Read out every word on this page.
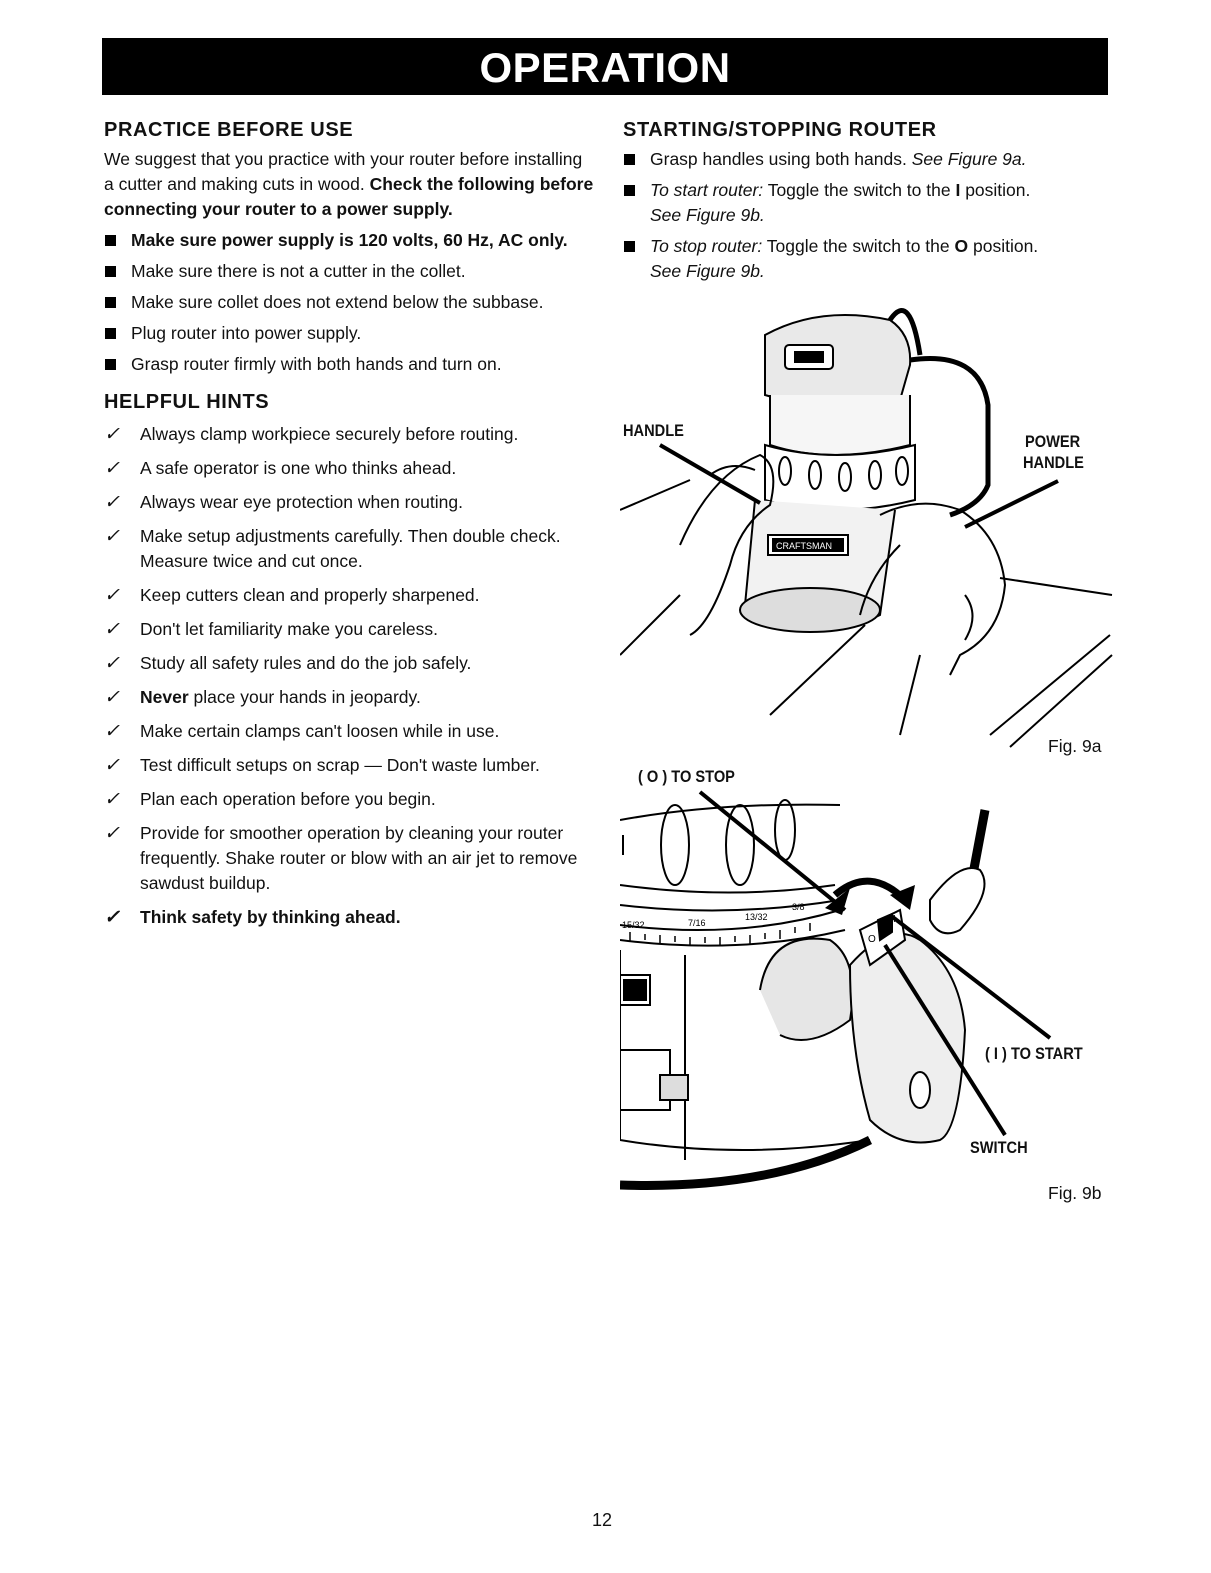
OPERATION
PRACTICE BEFORE USE

We suggest that you practice with your router before installing a cutter and making cuts in wood. Check the following before connecting your router to a power supply.

Make sure power supply is 120 volts, 60 Hz, AC only.
Make sure there is not a cutter in the collet.
Make sure collet does not extend below the subbase.
Plug router into power supply.
Grasp router firmly with both hands and turn on.
HELPFUL HINTS
✓ Always clamp workpiece securely before routing.
✓ A safe operator is one who thinks ahead.
✓ Always wear eye protection when routing.
✓ Make setup adjustments carefully. Then double check. Measure twice and cut once.
✓ Keep cutters clean and properly sharpened.
✓ Don't let familiarity make you careless.
✓ Study all safety rules and do the job safely.
✓ Never place your hands in jeopardy.
✓ Make certain clamps can't loosen while in use.
✓ Test difficult setups on scrap — Don't waste lumber.
✓ Plan each operation before you begin.
✓ Provide for smoother operation by cleaning your router frequently. Shake router or blow with an air jet to remove sawdust buildup.
✓ Think safety by thinking ahead.
STARTING/STOPPING ROUTER
Grasp handles using both hands. See Figure 9a.
To start router: Toggle the switch to the I position.
See Figure 9b.
To stop router: Toggle the switch to the O position.
See Figure 9b.
CRAFTSMAN
HANDLE
POWER
HANDLE
Fig. 9a
15/32	7/16
13/32
3/8
O
I
( O ) TO STOP
( I ) TO START
SWITCH
Fig. 9b
12
